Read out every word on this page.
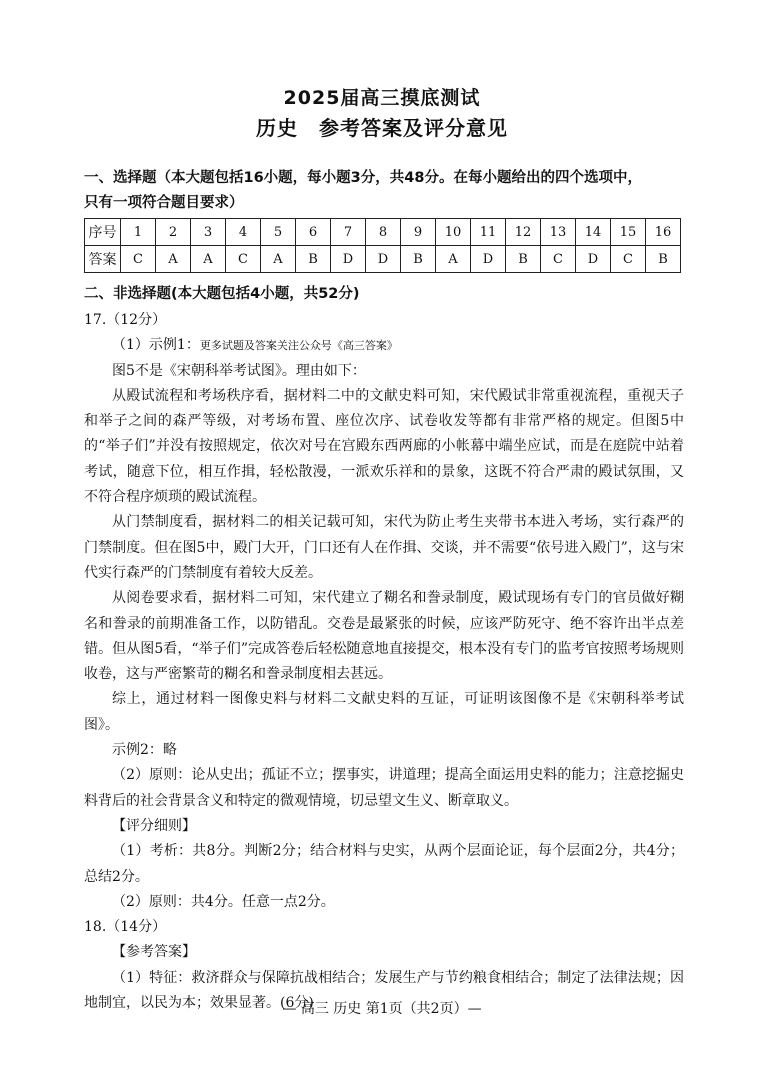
2025届高三摸底测试
历史　参考答案及评分意见
一、选择题（本大题包括16小题，每小题3分，共48分。在每小题给出的四个选项中，
只有一项符合题目要求）
序号	1	2	3	4	5	6	7	8	9	10	11	12	13	14	15	16
答案	C	A	A	C	A	B	D	D	B	A	D	B	C	D	C	B
二、非选择题(本大题包括4小题，共52分)

17.（12分）

（1）示例1：更多试题及答案关注公众号《高三答案》

图5不是《宋朝科举考试图》。理由如下：

从殿试流程和考场秩序看，据材料二中的文献史料可知，宋代殿试非常重视流程，重视天子和举子之间的森严等级，对考场布置、座位次序、试卷收发等都有非常严格的规定。但图5中的“举子们”并没有按照规定，依次对号在宫殿东西两廊的小帐幕中端坐应试，而是在庭院中站着考试，随意下位，相互作揖，轻松散漫，一派欢乐祥和的景象，这既不符合严肃的殿试氛围，又不符合程序烦琐的殿试流程。

从门禁制度看，据材料二的相关记载可知，宋代为防止考生夹带书本进入考场，实行森严的门禁制度。但在图5中，殿门大开，门口还有人在作揖、交谈，并不需要“依号进入殿门”，这与宋代实行森严的门禁制度有着较大反差。

从阅卷要求看，据材料二可知，宋代建立了糊名和誊录制度，殿试现场有专门的官员做好糊名和誊录的前期准备工作，以防错乱。交卷是最紧张的时候，应该严防死守、绝不容许出半点差错。但从图5看，“举子们”完成答卷后轻松随意地直接提交，根本没有专门的监考官按照考场规则收卷，这与严密繁苛的糊名和誊录制度相去甚远。

综上，通过材料一图像史料与材料二文献史料的互证，可证明该图像不是《宋朝科举考试图》。

示例2：略

（2）原则：论从史出；孤证不立；摆事实，讲道理；提高全面运用史料的能力；注意挖掘史料背后的社会背景含义和特定的微观情境，切忌望文生义、断章取义。

【评分细则】

（1）考析：共8分。判断2分；结合材料与史实，从两个层面论证，每个层面2分，共4分；总结2分。

（2）原则：共4分。任意一点2分。

18.（14分）

【参考答案】

（1）特征：救济群众与保障抗战相结合；发展生产与节约粮食相结合；制定了法律法规；因地制宜，以民为本；效果显著。(6分)

— 高三 历史 第1页（共2页）—
